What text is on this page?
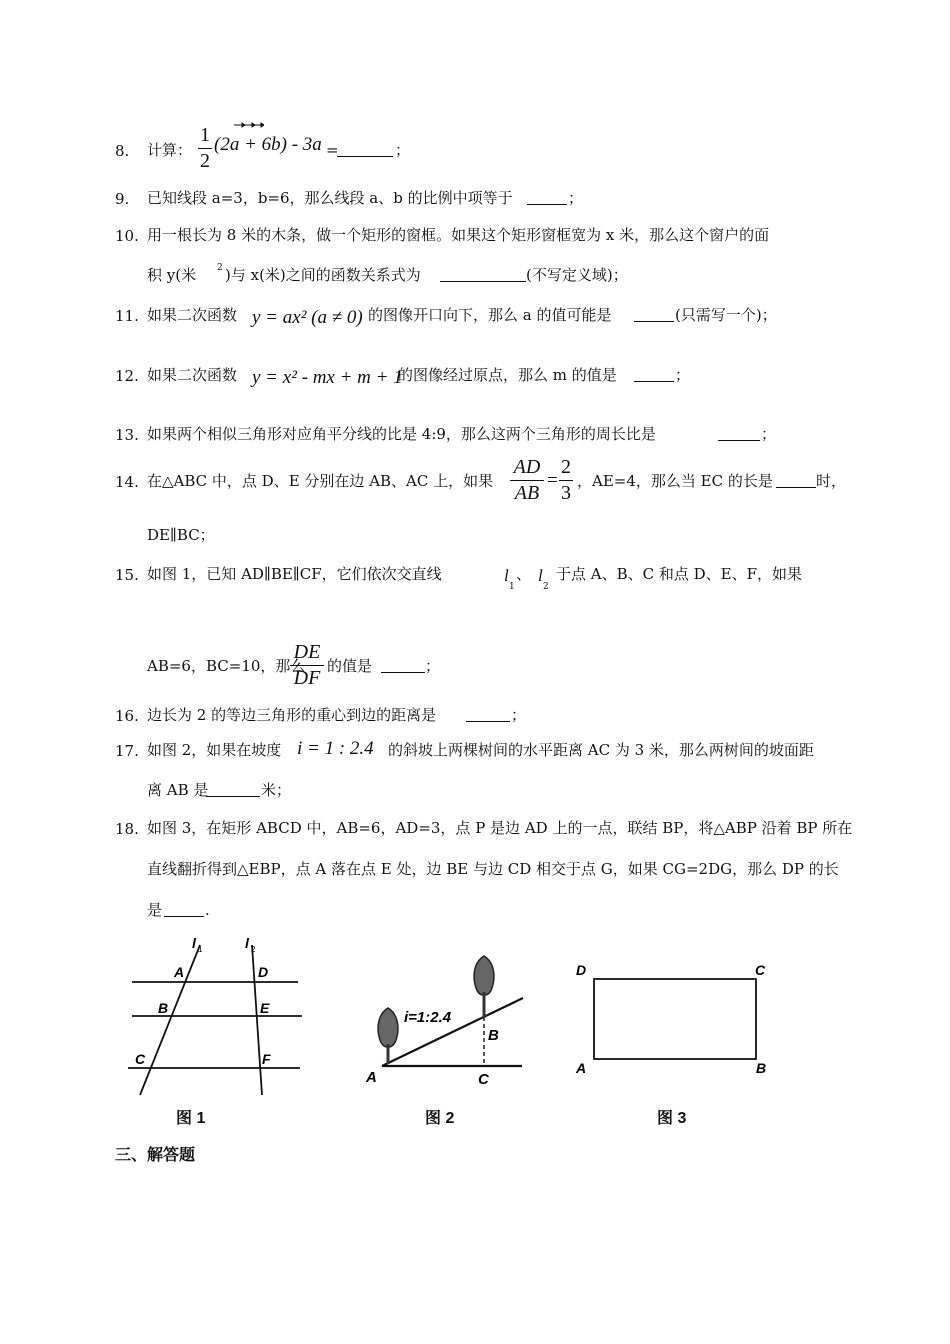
8. 计算：
1
2
(2a + 6b) - 3a =	；
9. 已知线段 a=3，b=6，那么线段 a、b 的比例中项等于	；
10. 用一根长为 8 米的木条，做一个矩形的窗框。如果这个矩形窗框宽为 x 米，那么这个窗户的面
积 y(米 2 )与 x(米)之间的函数关系式为	(不写定义域)；
11. 如果二次函数 y = ax² (a ≠ 0) 的图像开口向下，那么 a 的值可能是	(只需写一个)；
12. 如果二次函数 y = x² - mx + m + 1
的图像经过原点，那么 m 的值是	；
13. 如果两个相似三角形对应角平分线的比是 4:9，那么这两个三角形的周长比是	；
14. 在△ABC 中，点 D、E 分别在边 AB、AC 上，如果
AD
AB
=
2
3
，AE=4，那么当 EC 的长是	时，
DE∥BC；
15. 如图 1，已知 AD∥BE∥CF，它们依次交直线	l
1
、 l
2
于点 A、B、C 和点 D、E、F，如果
AB=6，BC=10，那么
DE
DF
的值是	；
16. 边长为 2 的等边三角形的重心到边的距离是	；
17. 如图 2，如果在坡度 i = 1 : 2.4 的斜坡上两棵树间的水平距离 AC 为 3 米，那么两树间的坡面距
离 AB 是	米；
18. 如图 3，在矩形 ABCD 中，AB=6，AD=3，点 P 是边 AD 上的一点，联结 BP，将△ABP 沿着 BP 所在
直线翻折得到△EBP，点 A 落在点 E 处，边 BE 与边 CD 相交于点 G，如果 CG=2DG，那么 DP 的长
是	.
l 1	l 2
A
B
C
D
E
F
图 1
i=1:2.4
B
A	C
图 2
D	C
A	B
图 3
三、解答题
